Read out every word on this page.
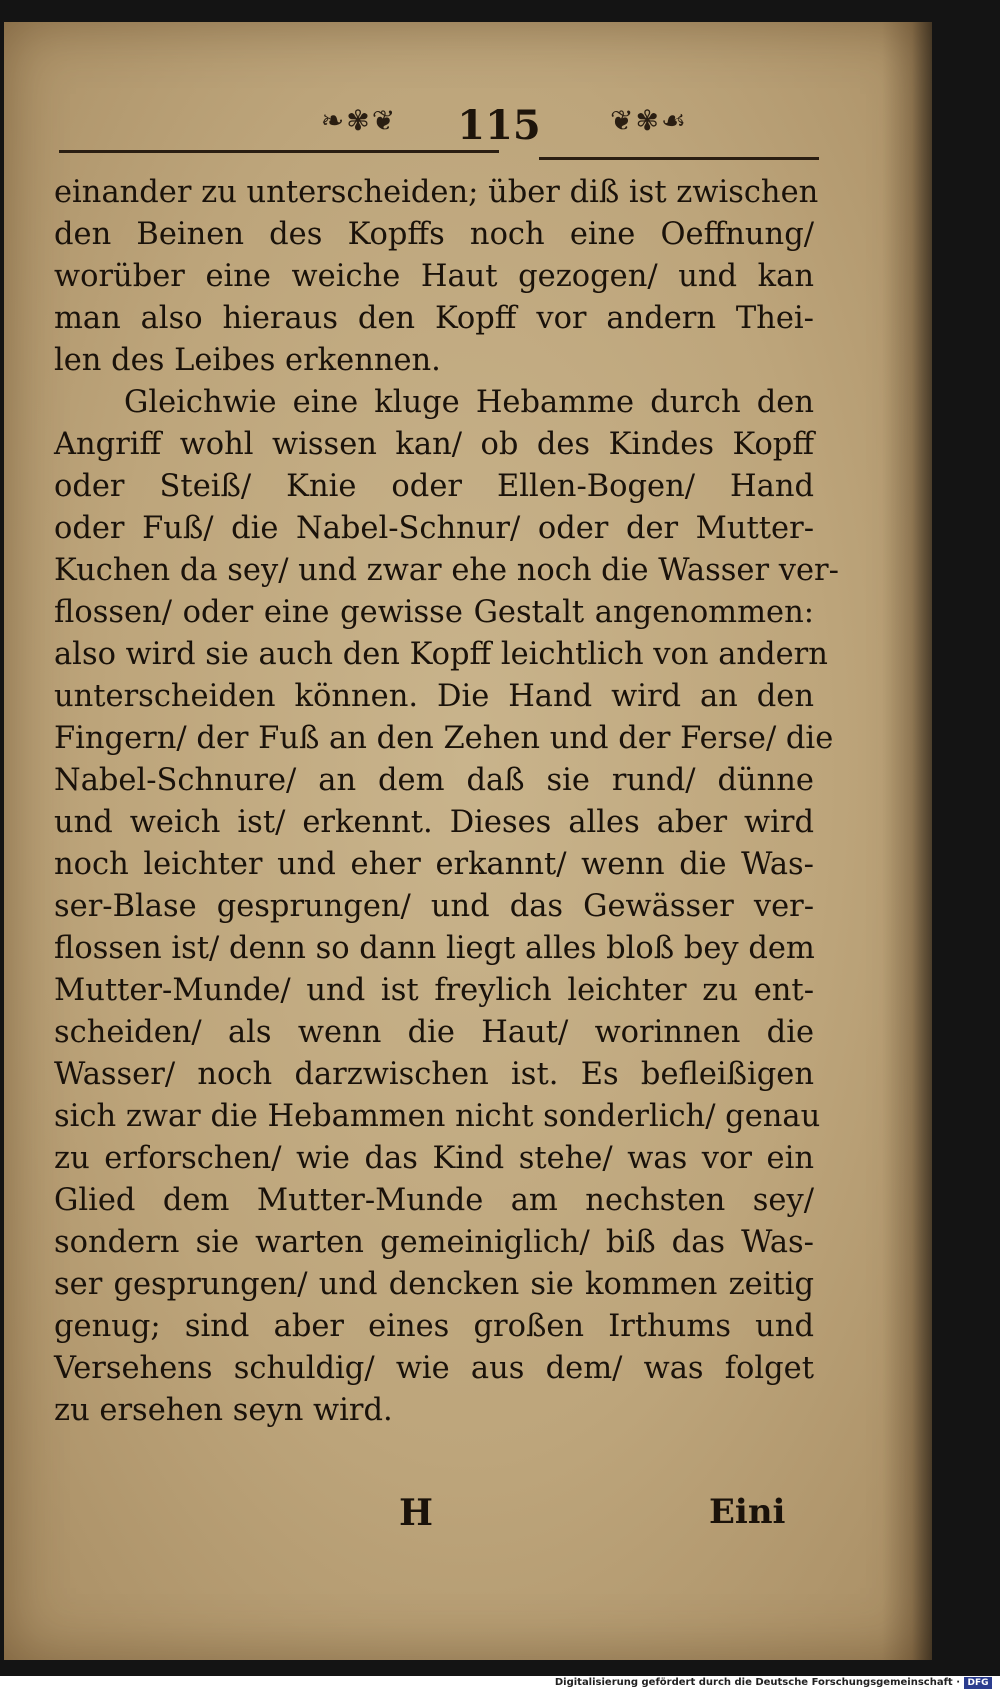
❧✾❦	115	❦✾☙
einander zu unterscheiden; über diß ist zwischen
den Beinen des Kopffs noch eine Oeffnung/
worüber eine weiche Haut gezogen/ und kan
man also hieraus den Kopff vor andern Thei-
len des Leibes erkennen.
Gleichwie eine kluge Hebamme durch den
Angriff wohl wissen kan/ ob des Kindes Kopff
oder Steiß/ Knie oder Ellen-Bogen/ Hand
oder Fuß/ die Nabel-Schnur/ oder der Mutter-
Kuchen da sey/ und zwar ehe noch die Wasser ver-
flossen/ oder eine gewisse Gestalt angenommen:
also wird sie auch den Kopff leichtlich von andern
unterscheiden können. Die Hand wird an den
Fingern/ der Fuß an den Zehen und der Ferse/ die
Nabel-Schnure/ an dem daß sie rund/ dünne
und weich ist/ erkennt. Dieses alles aber wird
noch leichter und eher erkannt/ wenn die Was-
ser-Blase gesprungen/ und das Gewässer ver-
flossen ist/ denn so dann liegt alles bloß bey dem
Mutter-Munde/ und ist freylich leichter zu ent-
scheiden/ als wenn die Haut/ worinnen die
Wasser/ noch darzwischen ist. Es befleißigen
sich zwar die Hebammen nicht sonderlich/ genau
zu erforschen/ wie das Kind stehe/ was vor ein
Glied dem Mutter-Munde am nechsten sey/
sondern sie warten gemeiniglich/ biß das Was-
ser gesprungen/ und dencken sie kommen zeitig
genug; sind aber eines großen Irthums und
Versehens schuldig/ wie aus dem/ was folget
zu ersehen seyn wird.
H	Eini
Digitalisierung gefördert durch die Deutsche Forschungsgemeinschaft · DFG
